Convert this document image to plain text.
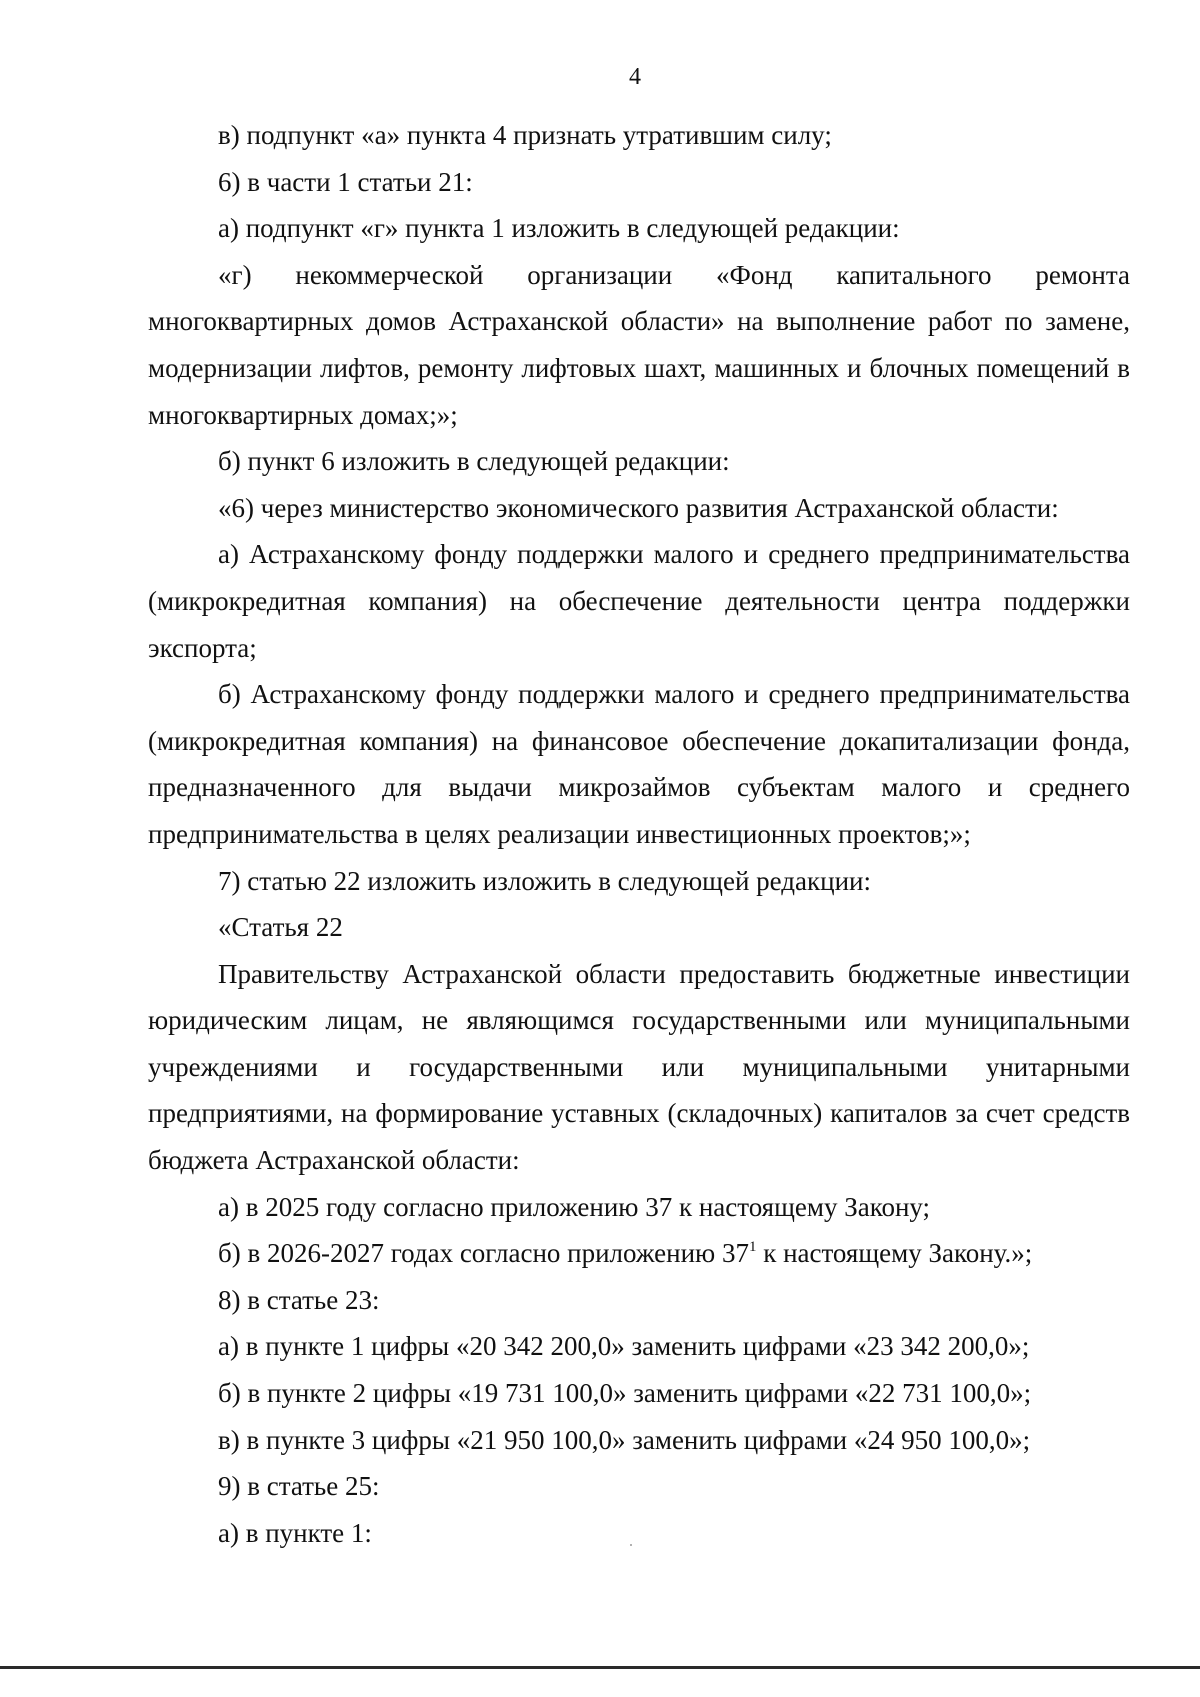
4

в) подпункт «а» пункта 4 признать утратившим силу;

6) в части 1 статьи 21:

а) подпункт «г» пункта 1 изложить в следующей редакции:

«г) некоммерческой организации «Фонд капитального ремонта многоквартирных домов Астраханской области» на выполнение работ по замене, модернизации лифтов, ремонту лифтовых шахт, машинных и блочных помещений в многоквартирных домах;»;

б) пункт 6 изложить в следующей редакции:

«6) через министерство экономического развития Астраханской области:

а) Астраханскому фонду поддержки малого и среднего предпринимательства (микрокредитная компания) на обеспечение деятельности центра поддержки экспорта;

б) Астраханскому фонду поддержки малого и среднего предпринимательства (микрокредитная компания) на финансовое обеспечение докапитализации фонда, предназначенного для выдачи микрозаймов субъектам малого и среднего предпринимательства в целях реализации инвестиционных проектов;»;

7) статью 22 изложить изложить в следующей редакции:

«Статья 22

Правительству Астраханской области предоставить бюджетные инвестиции юридическим лицам, не являющимся государственными или муниципальными учреждениями и государственными или муниципальными унитарными предприятиями, на формирование уставных (складочных) капиталов за счет средств бюджета Астраханской области:

а) в 2025 году согласно приложению 37 к настоящему Закону;

б) в 2026-2027 годах согласно приложению $37^1$ к настоящему Закону.»;

8) в статье 23:

а) в пункте 1 цифры «20 342 200,0» заменить цифрами «23 342 200,0»;

б) в пункте 2 цифры «19 731 100,0» заменить цифрами «22 731 100,0»;

в) в пункте 3 цифры «21 950 100,0» заменить цифрами «24 950 100,0»;

9) в статье 25:

а) в пункте 1:
